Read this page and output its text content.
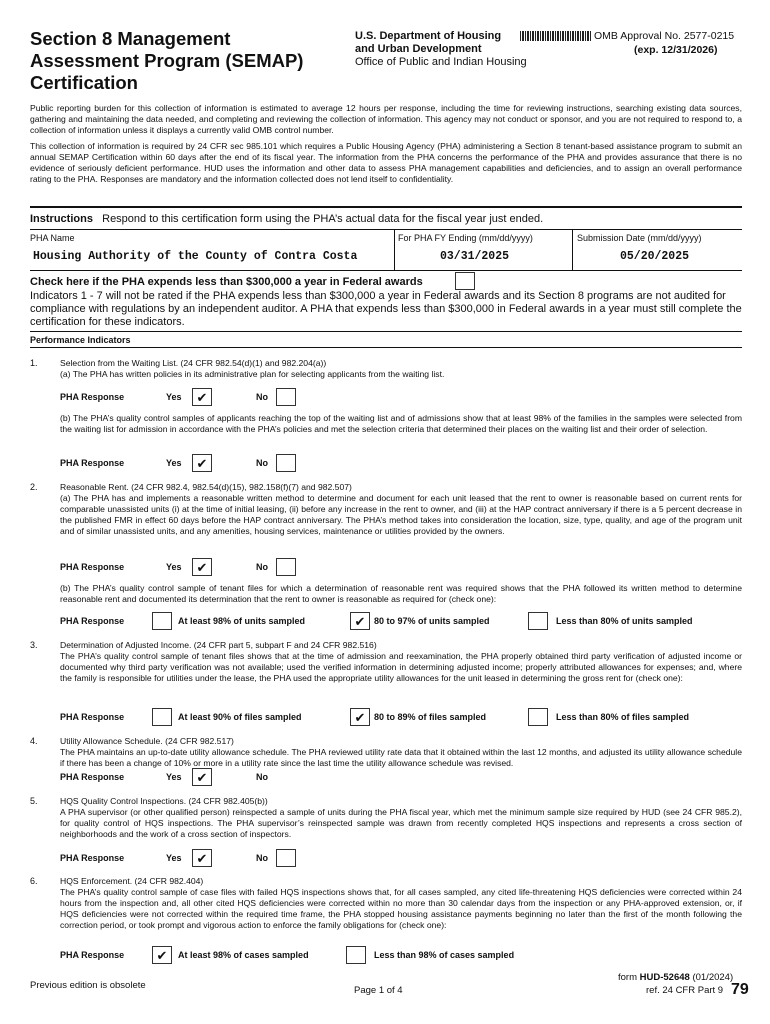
Section 8 Management Assessment Program (SEMAP) Certification
U.S. Department of Housing
and Urban Development
Office of Public and Indian Housing
OMB Approval No. 2577-0215
(exp. 12/31/2026)
Public reporting burden for this collection of information is estimated to average 12 hours per response, including the time for reviewing instructions, searching existing data sources, gathering and maintaining the data needed, and completing and reviewing the collection of information. This agency may not conduct or sponsor, and you are not required to respond to, a collection of information unless it displays a currently valid OMB control number.
This collection of information is required by 24 CFR sec 985.101 which requires a Public Housing Agency (PHA) administering a Section 8 tenant-based assistance program to submit an annual SEMAP Certification within 60 days after the end of its fiscal year. The information from the PHA concerns the performance of the PHA and provides assurance that there is no evidence of seriously deficient performance. HUD uses the information and other data to assess PHA management capabilities and deficiencies, and to assign an overall performance rating to the PHA. Responses are mandatory and the information collected does not lend itself to confidentiality.
Instructions Respond to this certification form using the PHA’s actual data for the fiscal year just ended.
PHA Name
Housing Authority of the County of Contra Costa
For PHA FY Ending (mm/dd/yyyy)
03/31/2025
Submission Date (mm/dd/yyyy)
05/20/2025
Check here if the PHA expends less than $300,000 a year in Federal awards
Indicators 1 - 7 will not be rated if the PHA expends less than $300,000 a year in Federal awards and its Section 8 programs are not audited for compliance with regulations by an independent auditor. A PHA that expends less than $300,000 in Federal awards in a year must still complete the certification for these indicators.
Performance Indicators
1.	Selection from the Waiting List. (24 CFR 982.54(d)(1) and 982.204(a))
(a) The PHA has written policies in its administrative plan for selecting applicants from the waiting list.
PHA Response	Yes	✔	No
(b) The PHA’s quality control samples of applicants reaching the top of the waiting list and of admissions show that at least 98% of the families in the samples were selected from the waiting list for admission in accordance with the PHA’s policies and met the selection criteria that determined their places on the waiting list and their order of selection.
PHA Response	Yes	✔	No
2.	Reasonable Rent. (24 CFR 982.4, 982.54(d)(15), 982.158(f)(7) and 982.507)
(a) The PHA has and implements a reasonable written method to determine and document for each unit leased that the rent to owner is reasonable based on current rents for comparable unassisted units (i) at the time of initial leasing, (ii) before any increase in the rent to owner, and (iii) at the HAP contract anniversary if there is a 5 percent decrease in the published FMR in effect 60 days before the HAP contract anniversary. The PHA’s method takes into consideration the location, size, type, quality, and age of the program unit and of similar unassisted units, and any amenities, housing services, maintenance or utilities provided by the owners.
PHA Response	Yes	✔	No
(b) The PHA’s quality control sample of tenant files for which a determination of reasonable rent was required shows that the PHA followed its written method to determine reasonable rent and documented its determination that the rent to owner is reasonable as required for (check one):
PHA Response	At least 98% of units sampled	✔ 80 to 97% of units sampled	Less than 80% of units sampled
3.	Determination of Adjusted Income. (24 CFR part 5, subpart F and 24 CFR 982.516)
The PHA’s quality control sample of tenant files shows that at the time of admission and reexamination, the PHA properly obtained third party verification of adjusted income or documented why third party verification was not available; used the verified information in determining adjusted income; properly attributed allowances for expenses; and, where the family is responsible for utilities under the lease, the PHA used the appropriate utility allowances for the unit leased in determining the gross rent for (check one):
PHA Response	At least 90% of files sampled	✔ 80 to 89% of files sampled	Less than 80% of files sampled
4.	Utility Allowance Schedule. (24 CFR 982.517)
The PHA maintains an up-to-date utility allowance schedule. The PHA reviewed utility rate data that it obtained within the last 12 months, and adjusted its utility allowance schedule if there has been a change of 10% or more in a utility rate since the last time the utility allowance schedule was revised.
PHA Response	Yes	✔	No
5.	HQS Quality Control Inspections. (24 CFR 982.405(b))
A PHA supervisor (or other qualified person) reinspected a sample of units during the PHA fiscal year, which met the minimum sample size required by HUD (see 24 CFR 985.2), for quality control of HQS inspections. The PHA supervisor’s reinspected sample was drawn from recently completed HQS inspections and represents a cross section of neighborhoods and the work of a cross section of inspectors.
PHA Response	Yes	✔	No
6.	HQS Enforcement. (24 CFR 982.404)
The PHA’s quality control sample of case files with failed HQS inspections shows that, for all cases sampled, any cited life-threatening HQS deficiencies were corrected within 24 hours from the inspection and, all other cited HQS deficiencies were corrected within no more than 30 calendar days from the inspection or any PHA-approved extension, or, if HQS deficiencies were not corrected within the required time frame, the PHA stopped housing assistance payments beginning no later than the first of the month following the correction period, or took prompt and vigorous action to enforce the family obligations for (check one):
PHA Response	✔	At least 98% of cases sampled	Less than 98% of cases sampled
Previous edition is obsolete	Page 1 of 4
form HUD-52648 (01/2024)
ref. 24 CFR Part 9 79
